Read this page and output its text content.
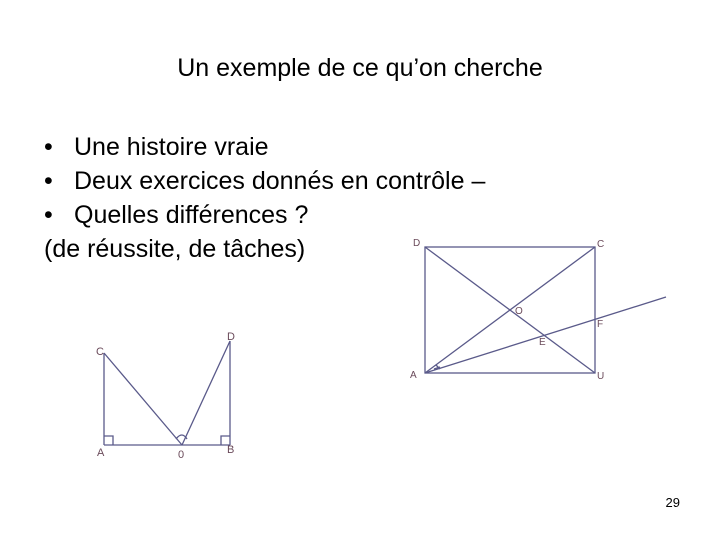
Un exemple de ce qu’on cherche
• Une histoire vraie
• Deux exercices donnés en contrôle –
• Quelles différences ?
(de réussite, de tâches)
C
D
A	0	B
D	C
O
F
E
A	U
29
